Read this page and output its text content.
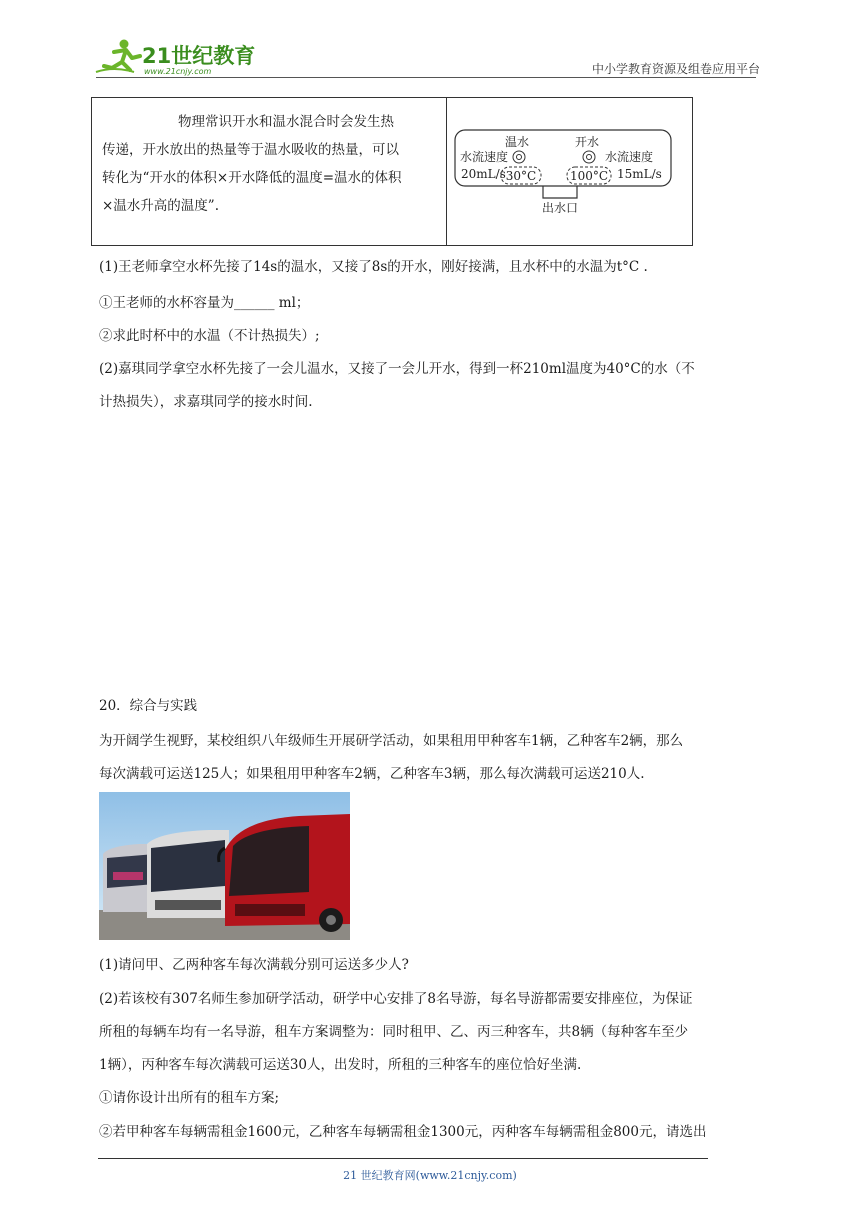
21世纪教育
www.21cnjy.com	中小学教育资源及组卷应用平台
物理常识开水和温水混合时会发生热
传递，开水放出的热量等于温水吸收的热量，可以
转化为“开水的体积×开水降低的温度=温水的体积
×温水升高的温度”.
温水	开水
水流速度
20mL/s
水流速度
15mL/s
30°C	100°C
出水口
(1)王老师拿空水杯先接了14s的温水，又接了8s的开水，刚好接满，且水杯中的水温为t°C .
①王老师的水杯容量为______ ml；
②求此时杯中的水温（不计热损失）;
(2)嘉琪同学拿空水杯先接了一会儿温水，又接了一会儿开水，得到一杯210ml温度为40°C的水（不
计热损失），求嘉琪同学的接水时间.
20．综合与实践
为开阔学生视野，某校组织八年级师生开展研学活动，如果租用甲种客车1辆，乙种客车2辆，那么
每次满载可运送125人；如果租用甲种客车2辆，乙种客车3辆，那么每次满载可运送210人.
(1)请问甲、乙两种客车每次满载分别可运送多少人?
(2)若该校有307名师生参加研学活动，研学中心安排了8名导游，每名导游都需要安排座位，为保证
所租的每辆车均有一名导游，租车方案调整为：同时租甲、乙、丙三种客车，共8辆（每种客车至少
1辆），丙种客车每次满载可运送30人，出发时，所租的三种客车的座位恰好坐满.
①请你设计出所有的租车方案;
②若甲种客车每辆需租金1600元，乙种客车每辆需租金1300元，丙种客车每辆需租金800元，请选出
21 世纪教育网(www.21cnjy.com)
